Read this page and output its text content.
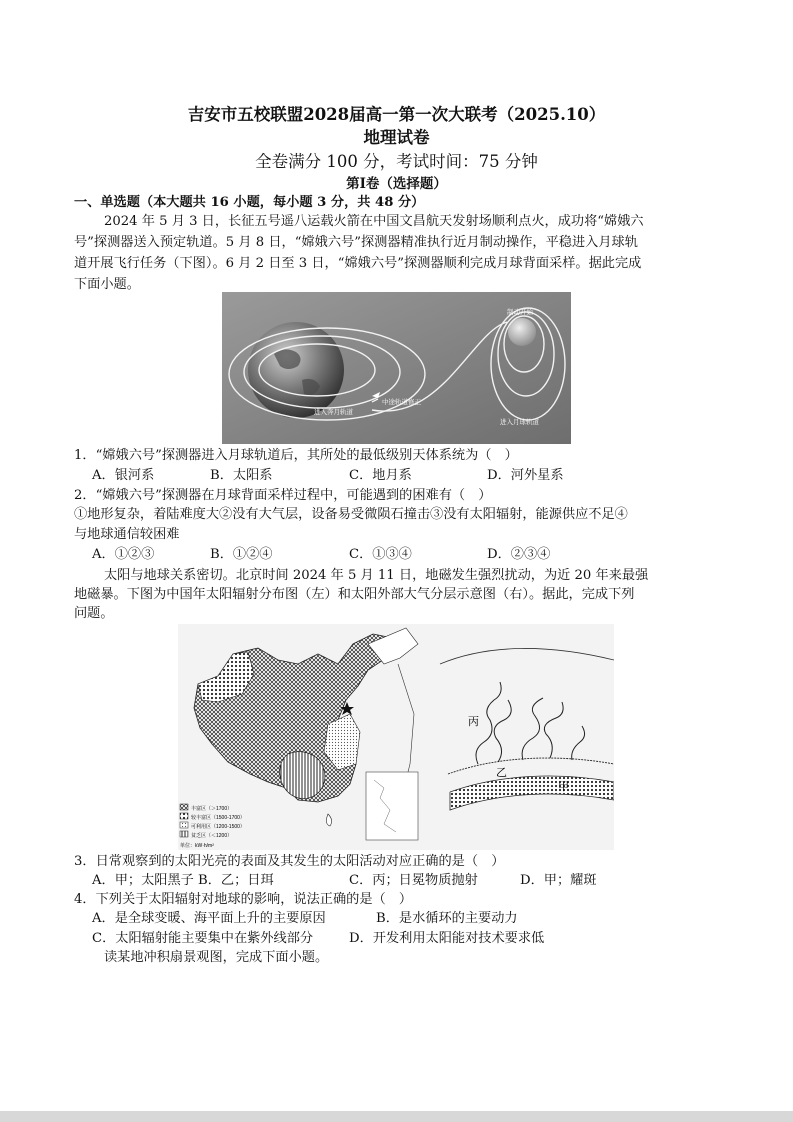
吉安市五校联盟2028届高一第一次大联考（2025.10）
地理试卷
全卷满分 100 分，考试时间：75 分钟
第Ⅰ卷（选择题）
一、单选题（本大题共 16 小题，每小题 3 分，共 48 分）
2024 年 5 月 3 日，长征五号遥八运载火箭在中国文昌航天发射场顺利点火，成功将“嫦娥六
号”探测器送入预定轨道。5 月 8 日，“嫦娥六号”探测器精准执行近月制动操作，平稳进入月球轨
道开展飞行任务（下图）。6 月 2 日至 3 日，“嫦娥六号”探测器顺利完成月球背面采样。据此完成
下面小题。
制动开始
中途轨道修正
进入奔月轨道
进入月球轨道
1．“嫦娥六号”探测器进入月球轨道后，其所处的最低级别天体系统为（　）
A．银河系	B．太阳系	C．地月系	D．河外星系
2．“嫦娥六号”探测器在月球背面采样过程中，可能遇到的困难有（　）
①地形复杂，着陆难度大②没有大气层，设备易受微陨石撞击③没有太阳辐射，能源供应不足④
与地球通信较困难
A．①②③	B．①②④	C．①③④	D．②③④
太阳与地球关系密切。北京时间 2024 年 5 月 11 日，地磁发生强烈扰动，为近 20 年来最强
地磁暴。下图为中国年太阳辐射分布图（左）和太阳外部大气分层示意图（右）。据此，完成下列
问题。
丰富区（＞1700）
较丰富区（1500-1700）
可利用区（1200-1500）
贫乏区（＜1200）
单位：kW·h/m²
丙
乙
甲
3．日常观察到的太阳光亮的表面及其发生的太阳活动对应正确的是（　）
A．甲；太阳黑子 B．乙；日珥	C．丙；日冕物质抛射	D．甲；耀斑
4．下列关于太阳辐射对地球的影响，说法正确的是（　）
A．是全球变暖、海平面上升的主要原因	B．是水循环的主要动力
C．太阳辐射能主要集中在紫外线部分	D．开发利用太阳能对技术要求低
读某地冲积扇景观图，完成下面小题。
